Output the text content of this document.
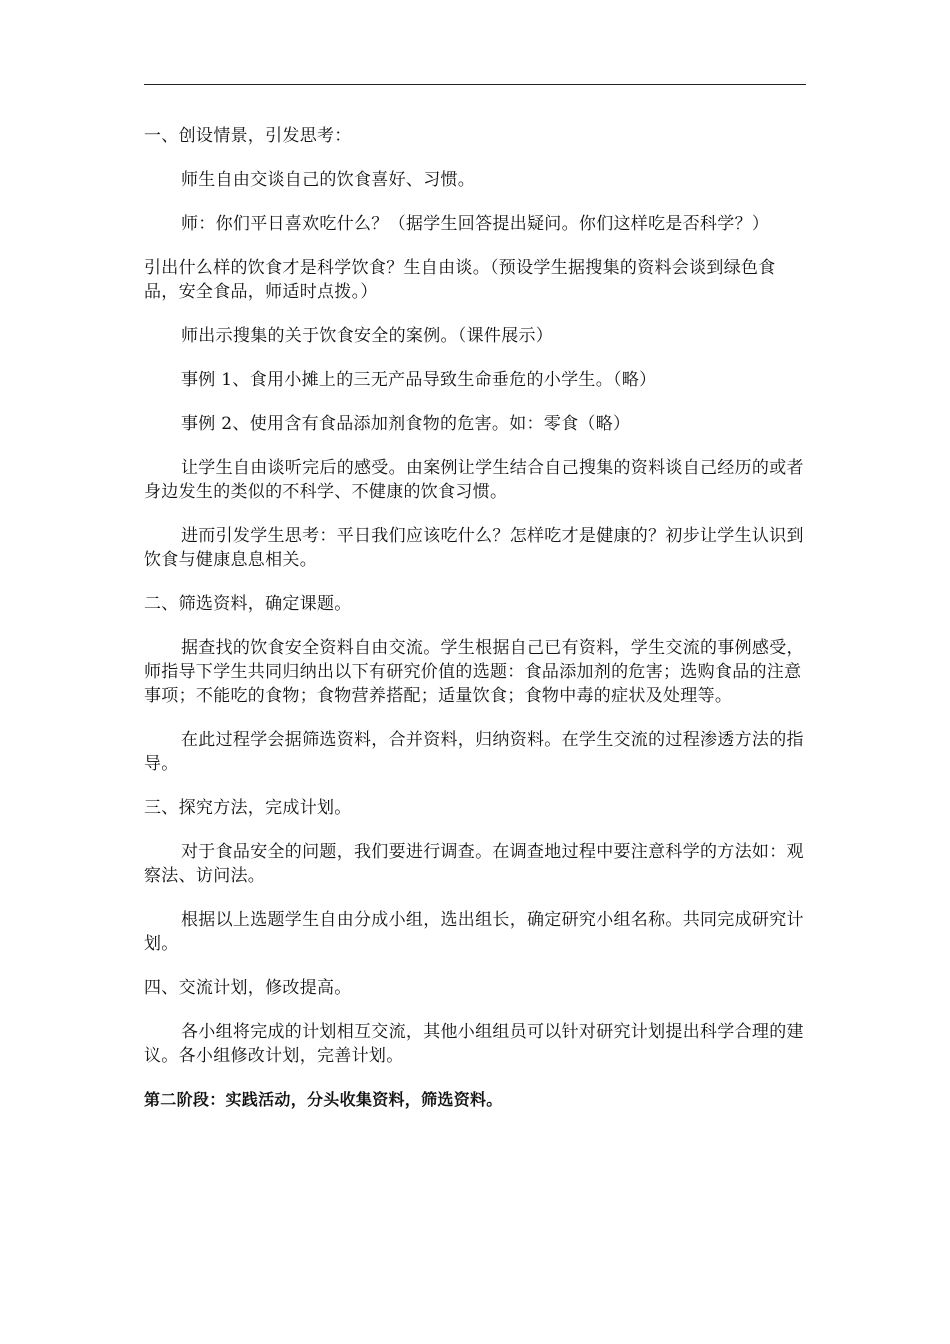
一、创设情景，引发思考：

师生自由交谈自己的饮食喜好、习惯。

师：你们平日喜欢吃什么？（据学生回答提出疑问。你们这样吃是否科学？）

引出什么样的饮食才是科学饮食？生自由谈。（预设学生据搜集的资料会谈到绿色食品，安全食品，师适时点拨。）

师出示搜集的关于饮食安全的案例。（课件展示）

事例 1、食用小摊上的三无产品导致生命垂危的小学生。（略）

事例 2、使用含有食品添加剂食物的危害。如：零食（略）

让学生自由谈听完后的感受。由案例让学生结合自己搜集的资料谈自己经历的或者身边发生的类似的不科学、不健康的饮食习惯。

进而引发学生思考：平日我们应该吃什么？怎样吃才是健康的？初步让学生认识到饮食与健康息息相关。

二、筛选资料，确定课题。

据查找的饮食安全资料自由交流。学生根据自己已有资料，学生交流的事例感受，师指导下学生共同归纳出以下有研究价值的选题：食品添加剂的危害；选购食品的注意事项；不能吃的食物；食物营养搭配；适量饮食；食物中毒的症状及处理等。

在此过程学会据筛选资料，合并资料，归纳资料。在学生交流的过程渗透方法的指导。

三、探究方法，完成计划。

对于食品安全的问题，我们要进行调查。在调查地过程中要注意科学的方法如：观察法、访问法。

根据以上选题学生自由分成小组，选出组长，确定研究小组名称。共同完成研究计划。

四、交流计划，修改提高。

各小组将完成的计划相互交流，其他小组组员可以针对研究计划提出科学合理的建议。各小组修改计划，完善计划。

第二阶段：实践活动，分头收集资料，筛选资料。
